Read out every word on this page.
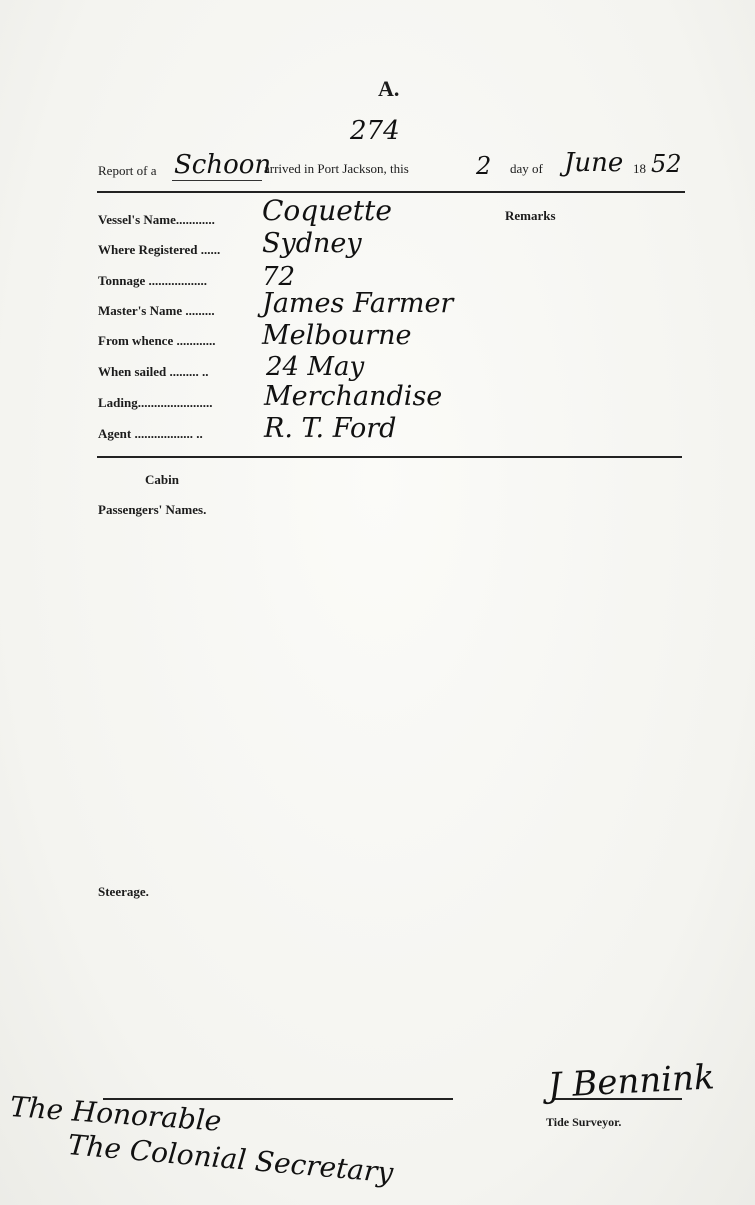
A.
274
Report of a Schoon
arrived in Port Jackson, this	2 day of June 18 52
Remarks
Vessel's Name............ Coquette
Where Registered ...... Sydney
Tonnage .................. 72
Master's Name ......... James Farmer
From whence ............ Melbourne
When sailed ......... .. 24 May
Lading....................... Merchandise
Agent .................. .. R. T. Ford
Cabin
Passengers' Names.
Steerage.
The Honorable
The Colonial Secretary
J Bennink
Tide Surveyor.
